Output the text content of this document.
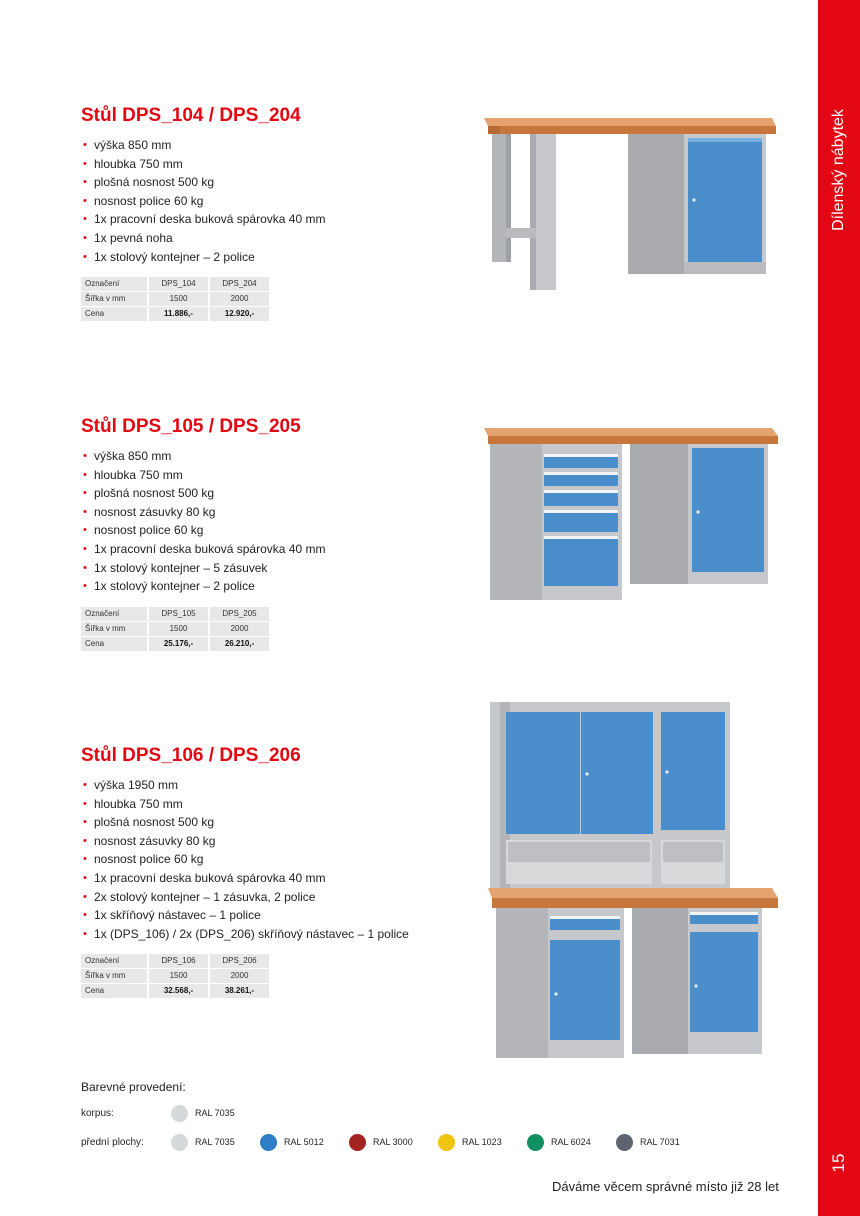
Dílenský nábytek
15
Stůl DPS_104 / DPS_204
• výška 850 mm
• hloubka 750 mm
• plošná nosnost 500 kg
• nosnost police 60 kg
• 1x pracovní deska buková spárovka 40 mm
• 1x pevná noha
• 1x stolový kontejner – 2 police
Označení	DPS_104	DPS_204
Šířka v mm	1500	2000
Cena	11.886,-	12.920,-
Stůl DPS_105 / DPS_205
• výška 850 mm
• hloubka 750 mm
• plošná nosnost 500 kg
• nosnost zásuvky 80 kg
• nosnost police 60 kg
• 1x pracovní deska buková spárovka 40 mm
• 1x stolový kontejner – 5 zásuvek
• 1x stolový kontejner – 2 police
Označení	DPS_105	DPS_205
Šířka v mm	1500	2000
Cena	25.176,-	26.210,-
Stůl DPS_106 / DPS_206
• výška 1950 mm
• hloubka 750 mm
• plošná nosnost 500 kg
• nosnost zásuvky 80 kg
• nosnost police 60 kg
• 1x pracovní deska buková spárovka 40 mm
• 2x stolový kontejner – 1 zásuvka, 2 police
• 1x skříňový nástavec – 1 police
• 1x (DPS_106) / 2x (DPS_206) skříňový nástavec – 1 police
Označení	DPS_106	DPS_206
Šířka v mm	1500	2000
Cena	32.568,-	38.261,-
Barevné provedení:
korpus:	RAL 7035
přední plochy:	RAL 7035	RAL 5012	RAL 3000	RAL 1023	RAL 6024	RAL 7031
Dáváme věcem správné místo již 28 let
